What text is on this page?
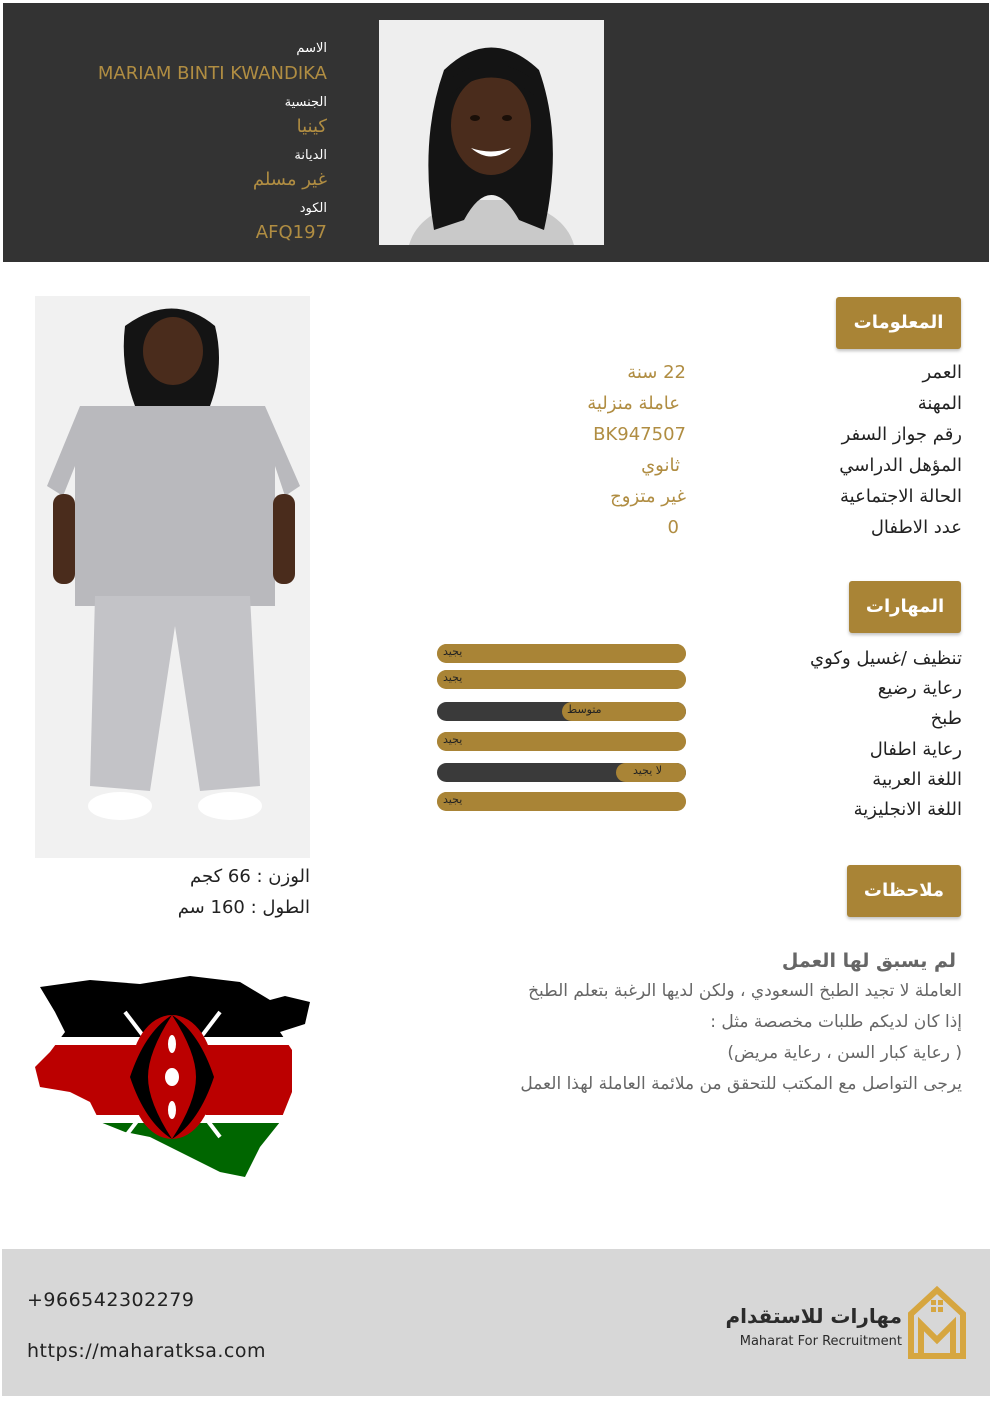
الاسم
MARIAM BINTI KWANDIKA
الجنسية
كينيا
الديانة
غير مسلم
الكود
AFQ197
المعلومات
العمر
22 سنة
المهنة
عاملة منزلية
رقم جواز السفر
BK947507
المؤهل الدراسي
ثانوي
الحالة الاجتماعية
غير متزوج
عدد الاطفال
0
المهارات
تنظيف /غسيل وكوي
يجيد
رعاية رضيع
يجيد
طبخ
متوسط
رعاية اطفال
يجيد
اللغة العربية
لا يجيد
اللغة الانجليزية
يجيد
ملاحظات
لم يسبق لها العمل
العاملة لا تجيد الطبخ السعودي ، ولكن لديها الرغبة بتعلم الطبخ
إذا كان لديكم طلبات مخصصة مثل :
( رعاية كبار السن ، رعاية مريض)
يرجى التواصل مع المكتب للتحقق من ملائمة العاملة لهذا العمل
الوزن : 66 كجم
الطول : 160 سم
+966542302279
https://maharatksa.com
مهارات للاستقدام
Maharat For Recruitment
